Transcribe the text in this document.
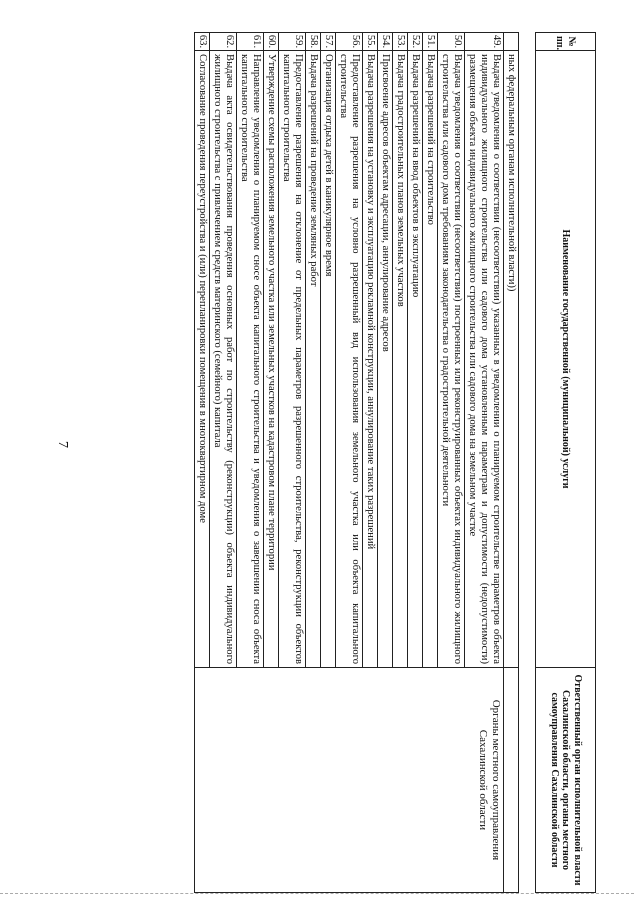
7
№ пп.	Наименование государственной (муниципальной) услуги	Ответственный орган исполнительной власти Сахалинской области, органы местного самоуправления Сахалинской области
	ных федеральным органам исполнительной власти))	
49.	Выдача уведомления о соответствии (несоответствии) указанных в уведомлении о планируемом строительстве параметров объекта индивидуального жилищного строительства или садового дома установленным параметрам и допустимости (недопустимости) размещения объекта индивидуального жилищного строительства или садового дома на земельном участке	Органы местного самоуправления Сахалинской области
50.	Выдача уведомления о соответствии (несоответствии) построенных или реконструированных объектах индивидуального жилищного строительства или садового дома требованиям законодательства о градостроительной деятельности	
51.	Выдача разрешений на строительство	
52.	Выдача разрешений на ввод объектов в эксплуатацию	
53.	Выдача градостроительных планов земельных участков	
54.	Присвоение адресов объектам адресации, аннулирование адресов	
55.	Выдача разрешения на установку и эксплуатацию рекламной конструкции, аннулирование таких разрешений	
56.	Предоставление разрешения на условно разрешенный вид использования земельного участка или объекта капитального строительства	
57.	Организация отдыха детей в каникулярное время	
58.	Выдача разрешений на проведение земляных работ	
59.	Предоставление разрешения на отклонение от предельных параметров разрешенного строительства, реконструкции объектов капитального строительства	
60.	Утверждение схемы расположения земельного участка или земельных участков на кадастровом плане территории	
61.	Направление уведомления о планируемом сносе объекта капитального строительства и уведомления о завершении сноса объекта капитального строительства	
62.	Выдача акта освидетельствования проведения основных работ по строительству (реконструкции) объекта индивидуального жилищного строительства с привлечением средств материнского (семейного) капитала	
63.	Согласование проведения переустройства и (или) перепланировки помещения в многоквартирном доме	
